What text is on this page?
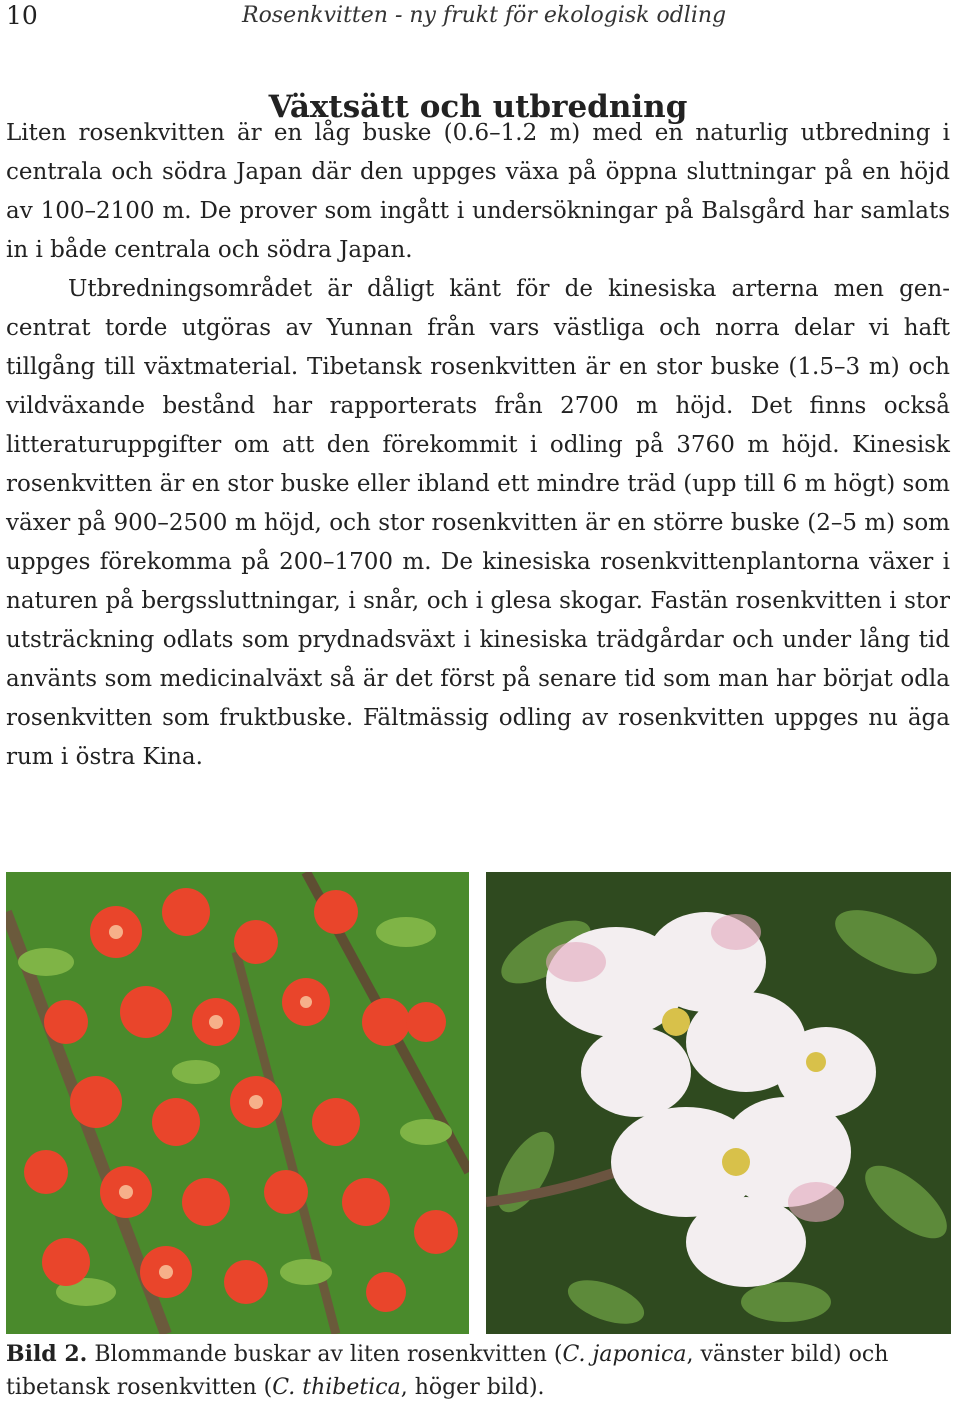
10	Rosenkvitten - ny frukt för ekologisk odling
Växtsätt och utbredning

Liten rosenkvitten är en låg buske (0.6–1.2 m) med en naturlig utbredning i centrala och södra Japan där den uppges växa på öppna sluttningar på en höjd av 100–2100 m. De prover som ingått i undersökningar på Balsgård har samlats in i både centrala och södra Japan.

Utbredningsområdet är dåligt känt för de kinesiska arterna men gencentrat torde utgöras av Yunnan från vars västliga och norra delar vi haft tillgång till växtmaterial. Tibetansk rosenkvitten är en stor buske (1.5–3 m) och vildväxande bestånd har rapporterats från 2700 m höjd. Det finns också litteraturuppgifter om att den förekommit i odling på 3760 m höjd. Kinesisk rosenkvitten är en stor buske eller ibland ett mindre träd (upp till 6 m högt) som växer på 900–2500 m höjd, och stor rosenkvitten är en större buske (2–5 m) som uppges förekomma på 200–1700 m. De kinesiska rosenkvittenplantorna växer i naturen på bergssluttningar, i snår, och i glesa skogar. Fastän rosenkvitten i stor utsträckning odlats som prydnadsväxt i kinesiska trädgårdar och under lång tid använts som medicinalväxt så är det först på senare tid som man har börjat odla rosenkvitten som fruktbuske. Fältmässig odling av rosenkvitten uppges nu äga rum i östra Kina.

Bild 2. Blommande buskar av liten rosenkvitten (C. japonica, vänster bild) och tibetansk rosenkvitten (C. thibetica, höger bild).
